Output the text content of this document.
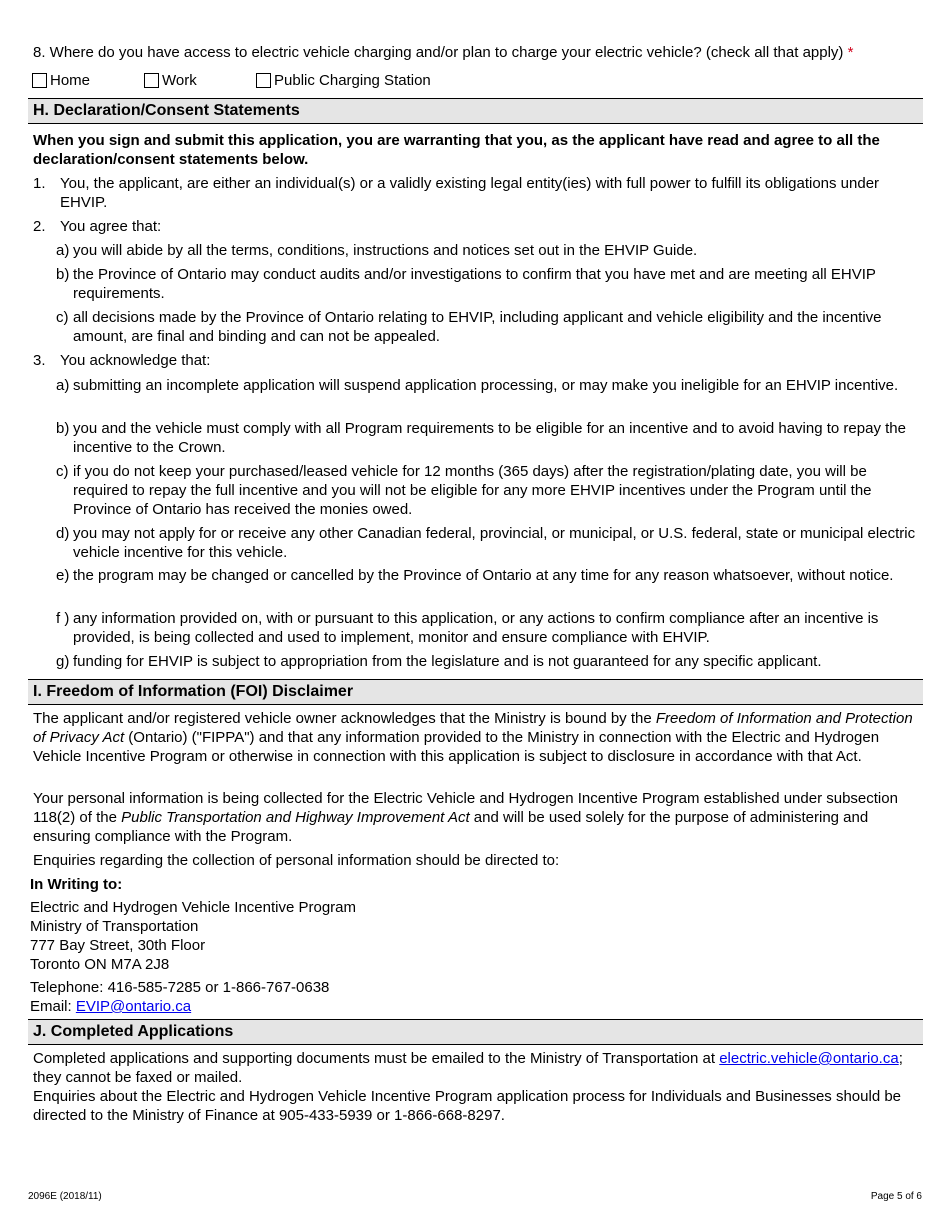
8. Where do you have access to electric vehicle charging and/or plan to charge your electric vehicle? (check all that apply) *
Home	Work	Public Charging Station
H. Declaration/Consent Statements
When you sign and submit this application, you are warranting that you, as the applicant have read and agree to all the declaration/consent statements below.
1. You, the applicant, are either an individual(s) or a validly existing legal entity(ies) with full power to fulfill its obligations under EHVIP.
2. You agree that:
a) you will abide by all the terms, conditions, instructions and notices set out in the EHVIP Guide.
b) the Province of Ontario may conduct audits and/or investigations to confirm that you have met and are meeting all EHVIP requirements.
c) all decisions made by the Province of Ontario relating to EHVIP, including applicant and vehicle eligibility and the incentive amount, are final and binding and can not be appealed.
3. You acknowledge that:
a) submitting an incomplete application will suspend application processing, or may make you ineligible for an EHVIP incentive.
b) you and the vehicle must comply with all Program requirements to be eligible for an incentive and to avoid having to repay the incentive to the Crown.
c) if you do not keep your purchased/leased vehicle for 12 months (365 days) after the registration/plating date, you will be required to repay the full incentive and you will not be eligible for any more EHVIP incentives under the Program until the Province of Ontario has received the monies owed.
d) you may not apply for or receive any other Canadian federal, provincial, or municipal, or U.S. federal, state or municipal electric vehicle incentive for this vehicle.
e) the program may be changed or cancelled by the Province of Ontario at any time for any reason whatsoever, without notice.
f ) any information provided on, with or pursuant to this application, or any actions to confirm compliance after an incentive is provided, is being collected and used to implement, monitor and ensure compliance with EHVIP.
g) funding for EHVIP is subject to appropriation from the legislature and is not guaranteed for any specific applicant.
I. Freedom of Information (FOI) Disclaimer
The applicant and/or registered vehicle owner acknowledges that the Ministry is bound by the Freedom of Information and Protection of Privacy Act (Ontario) ("FIPPA") and that any information provided to the Ministry in connection with the Electric and Hydrogen Vehicle Incentive Program or otherwise in connection with this application is subject to disclosure in accordance with that Act.
Your personal information is being collected for the Electric Vehicle and Hydrogen Incentive Program established under subsection 118(2) of the Public Transportation and Highway Improvement Act and will be used solely for the purpose of administering and ensuring compliance with the Program.
Enquiries regarding the collection of personal information should be directed to:
In Writing to:
Electric and Hydrogen Vehicle Incentive Program
Ministry of Transportation
777 Bay Street, 30th Floor
Toronto ON M7A 2J8
Telephone: 416-585-7285 or 1-866-767-0638
Email: EVIP@ontario.ca
J. Completed Applications
Completed applications and supporting documents must be emailed to the Ministry of Transportation at electric.vehicle@ontario.ca; they cannot be faxed or mailed.
Enquiries about the Electric and Hydrogen Vehicle Incentive Program application process for Individuals and Businesses should be directed to the Ministry of Finance at 905-433-5939 or 1-866-668-8297.
2096E (2018/11)	Page 5 of 6
